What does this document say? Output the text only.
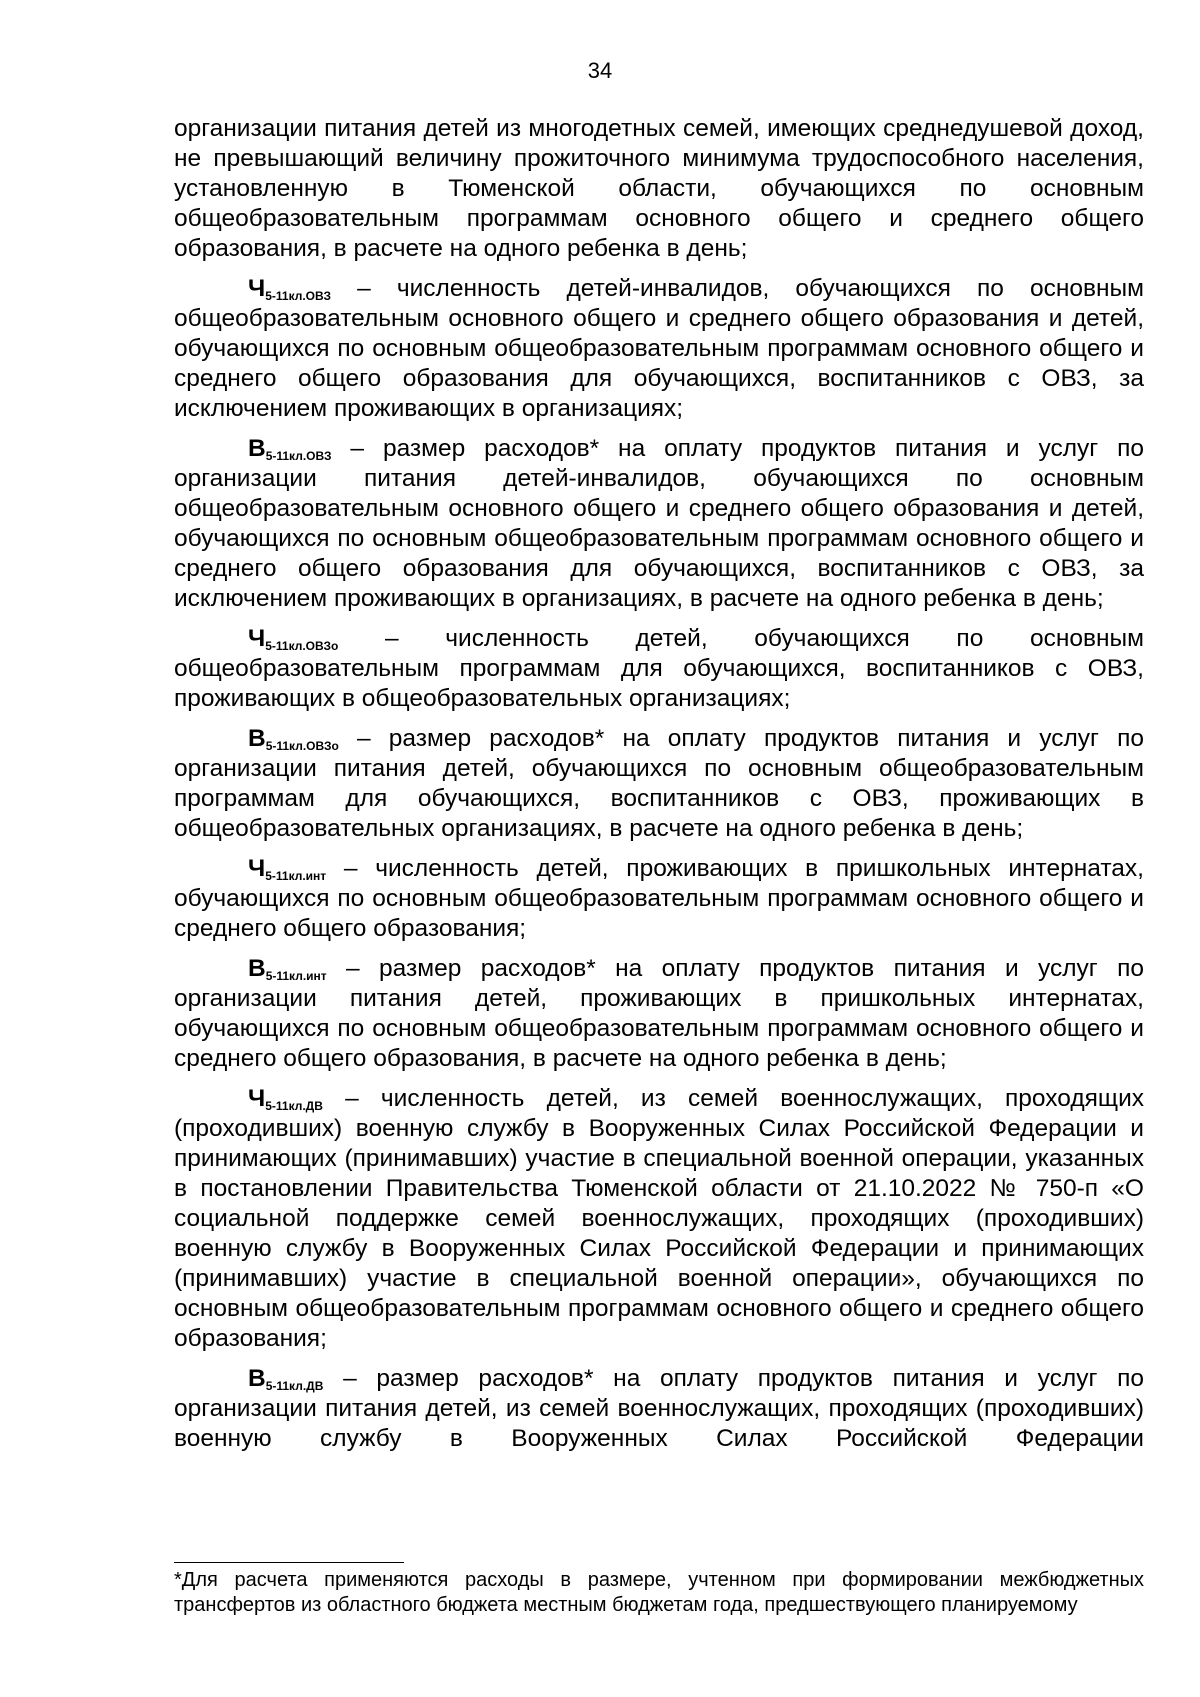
34

организации питания детей из многодетных семей, имеющих среднедушевой доход, не превышающий величину прожиточного минимума трудоспособного населения, установленную в Тюменской области, обучающихся по основным общеобразовательным программам основного общего и среднего общего образования, в расчете на одного ребенка в день;

$Ч_{5-11кл.ОВЗ}$ – численность детей-инвалидов, обучающихся по основным общеобразовательным основного общего и среднего общего образования и детей, обучающихся по основным общеобразовательным программам основного общего и среднего общего образования для обучающихся, воспитанников с ОВЗ, за исключением проживающих в организациях;

$В_{5-11кл.ОВЗ}$ – размер расходов* на оплату продуктов питания и услуг по организации питания детей-инвалидов, обучающихся по основным общеобразовательным основного общего и среднего общего образования и детей, обучающихся по основным общеобразовательным программам основного общего и среднего общего образования для обучающихся, воспитанников с ОВЗ, за исключением проживающих в организациях, в расчете на одного ребенка в день;

$Ч_{5-11кл.ОВЗо}$ – численность детей, обучающихся по основным общеобразовательным программам для обучающихся, воспитанников с ОВЗ, проживающих в общеобразовательных организациях;

$В_{5-11кл.ОВЗо}$ – размер расходов* на оплату продуктов питания и услуг по организации питания детей, обучающихся по основным общеобразовательным программам для обучающихся, воспитанников с ОВЗ, проживающих в общеобразовательных организациях, в расчете на одного ребенка в день;

$Ч_{5-11кл.инт}$ – численность детей, проживающих в пришкольных интернатах, обучающихся по основным общеобразовательным программам основного общего и среднего общего образования;

$В_{5-11кл.инт}$ – размер расходов* на оплату продуктов питания и услуг по организации питания детей, проживающих в пришкольных интернатах, обучающихся по основным общеобразовательным программам основного общего и среднего общего образования, в расчете на одного ребенка в день;

$Ч_{5-11кл.ДВ}$ – численность детей, из семей военнослужащих, проходящих (проходивших) военную службу в Вооруженных Силах Российской Федерации и принимающих (принимавших) участие в специальной военной операции, указанных в постановлении Правительства Тюменской области от 21.10.2022 № 750-п «О социальной поддержке семей военнослужащих, проходящих (проходивших) военную службу в Вооруженных Силах Российской Федерации и принимающих (принимавших) участие в специальной военной операции», обучающихся по основным общеобразовательным программам основного общего и среднего общего образования;

$В_{5-11кл.ДВ}$ – размер расходов* на оплату продуктов питания и услуг по организации питания детей, из семей военнослужащих, проходящих (проходивших) военную службу в Вооруженных Силах Российской Федерации

*Для расчета применяются расходы в размере, учтенном при формировании межбюджетных трансфертов из областного бюджета местным бюджетам года, предшествующего планируемому
